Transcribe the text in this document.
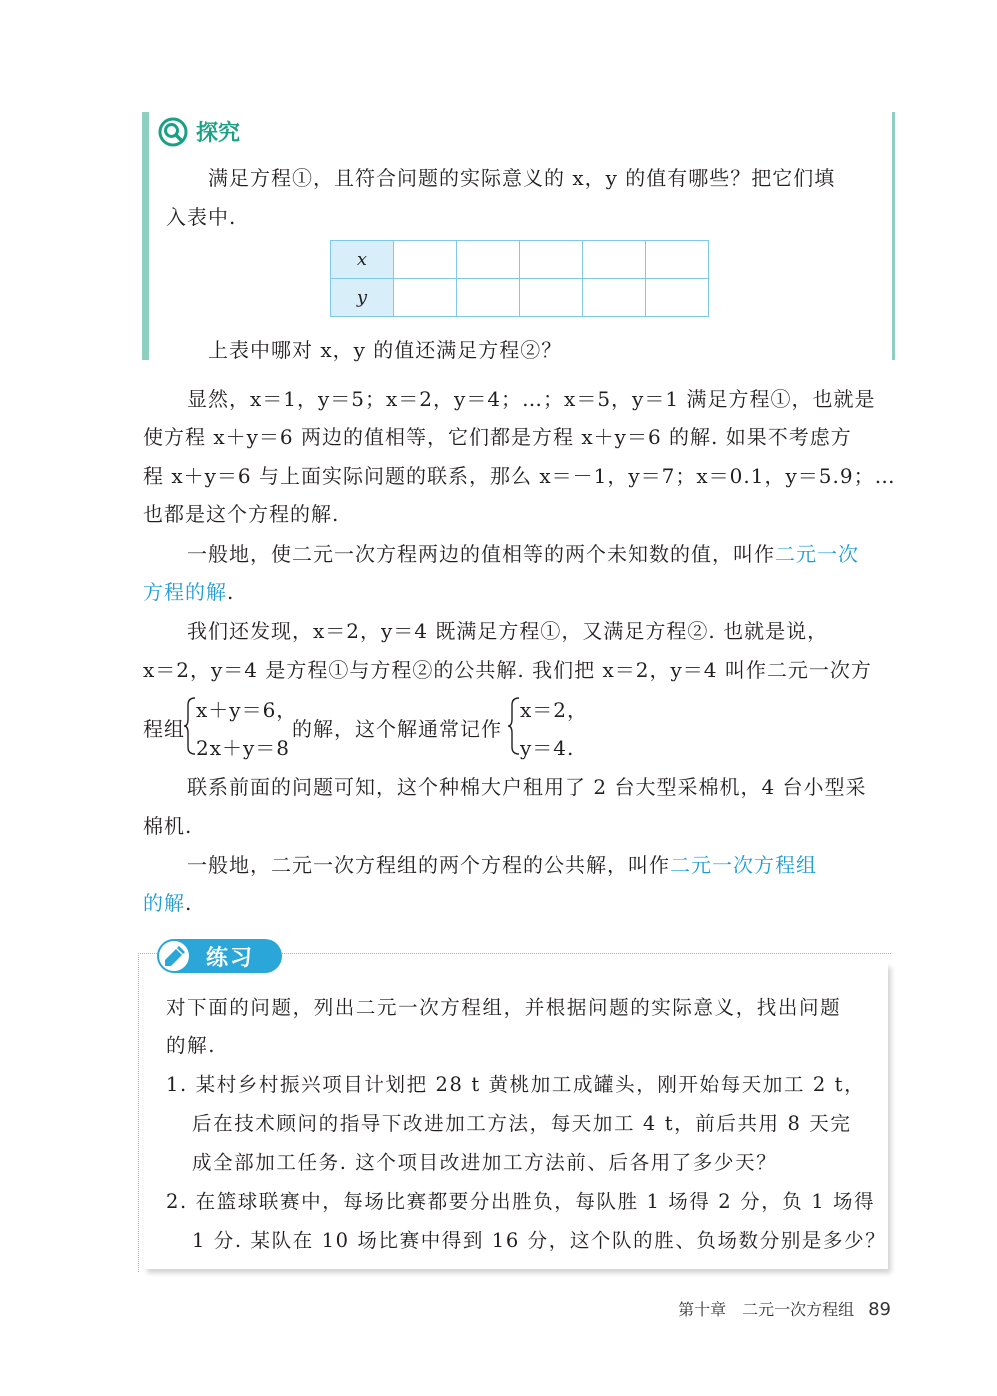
探究
满足方程①，且符合问题的实际意义的 x，y 的值有哪些？把它们填
入表中.
x					
y					
上表中哪对 x，y 的值还满足方程②？
显然，x＝1，y＝5；x＝2，y＝4；…；x＝5，y＝1 满足方程①，也就是
使方程 x＋y＝6 两边的值相等，它们都是方程 x＋y＝6 的解. 如果不考虑方
程 x＋y＝6 与上面实际问题的联系，那么 x＝－1，y＝7；x＝0.1，y＝5.9；…
也都是这个方程的解.
一般地，使二元一次方程两边的值相等的两个未知数的值，叫作二元一次
方程的解.
我们还发现，x＝2，y＝4 既满足方程①，又满足方程②. 也就是说，
x＝2，y＝4 是方程①与方程②的公共解. 我们把 x＝2，y＝4 叫作二元一次方
程组
x＋y＝6，
2x＋y＝8
的解，这个解通常记作
x＝2，
y＝4.
联系前面的问题可知，这个种棉大户租用了 2 台大型采棉机，4 台小型采
棉机.
一般地，二元一次方程组的两个方程的公共解，叫作二元一次方程组
的解.
练习
对下面的问题，列出二元一次方程组，并根据问题的实际意义，找出问题
的解.
1. 某村乡村振兴项目计划把 28 t 黄桃加工成罐头，刚开始每天加工 2 t，
后在技术顾问的指导下改进加工方法，每天加工 4 t，前后共用 8 天完
成全部加工任务. 这个项目改进加工方法前、后各用了多少天？
2. 在篮球联赛中，每场比赛都要分出胜负，每队胜 1 场得 2 分，负 1 场得
1 分. 某队在 10 场比赛中得到 16 分，这个队的胜、负场数分别是多少？
第十章　二元一次方程组 89
